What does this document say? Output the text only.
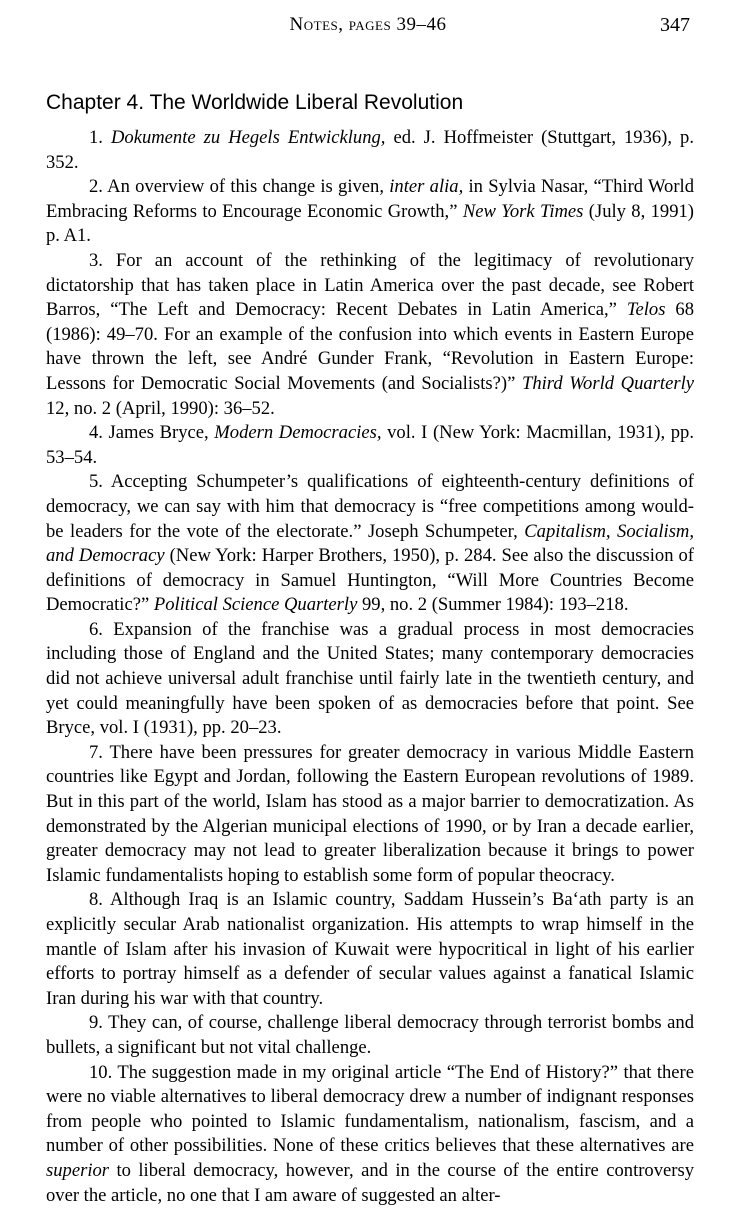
Notes, pages 39–46	347
Chapter 4. The Worldwide Liberal Revolution

1. Dokumente zu Hegels Entwicklung, ed. J. Hoffmeister (Stuttgart, 1936), p. 352.

2. An overview of this change is given, inter alia, in Sylvia Nasar, “Third World Embracing Reforms to Encourage Economic Growth,” New York Times (July 8, 1991) p. A1.

3. For an account of the rethinking of the legitimacy of revolutionary dictatorship that has taken place in Latin America over the past decade, see Robert Barros, “The Left and Democracy: Recent Debates in Latin America,” Telos 68 (1986): 49–70. For an example of the confusion into which events in Eastern Europe have thrown the left, see André Gunder Frank, “Revolution in Eastern Europe: Lessons for Democratic Social Movements (and Socialists?)” Third World Quarterly 12, no. 2 (April, 1990): 36–52.

4. James Bryce, Modern Democracies, vol. I (New York: Macmillan, 1931), pp. 53–54.

5. Accepting Schumpeter’s qualifications of eighteenth-century definitions of democracy, we can say with him that democracy is “free competitions among would-be leaders for the vote of the electorate.” Joseph Schumpeter, Capitalism, Socialism, and Democracy (New York: Harper Brothers, 1950), p. 284. See also the discussion of definitions of democracy in Samuel Huntington, “Will More Countries Become Democratic?” Political Science Quarterly 99, no. 2 (Summer 1984): 193–218.

6. Expansion of the franchise was a gradual process in most democracies including those of England and the United States; many contemporary democracies did not achieve universal adult franchise until fairly late in the twentieth century, and yet could meaningfully have been spoken of as democracies before that point. See Bryce, vol. I (1931), pp. 20–23.

7. There have been pressures for greater democracy in various Middle Eastern countries like Egypt and Jordan, following the Eastern European revolutions of 1989. But in this part of the world, Islam has stood as a major barrier to democratization. As demonstrated by the Algerian municipal elections of 1990, or by Iran a decade earlier, greater democracy may not lead to greater liberalization because it brings to power Islamic fundamentalists hoping to establish some form of popular theocracy.

8. Although Iraq is an Islamic country, Saddam Hussein’s Ba‘ath party is an explicitly secular Arab nationalist organization. His attempts to wrap himself in the mantle of Islam after his invasion of Kuwait were hypocritical in light of his earlier efforts to portray himself as a defender of secular values against a fanatical Islamic Iran during his war with that country.

9. They can, of course, challenge liberal democracy through terrorist bombs and bullets, a significant but not vital challenge.

10. The suggestion made in my original article “The End of History?” that there were no viable alternatives to liberal democracy drew a number of indignant responses from people who pointed to Islamic fundamentalism, nationalism, fascism, and a number of other possibilities. None of these critics believes that these alternatives are superior to liberal democracy, however, and in the course of the entire controversy over the article, no one that I am aware of suggested an alter-
